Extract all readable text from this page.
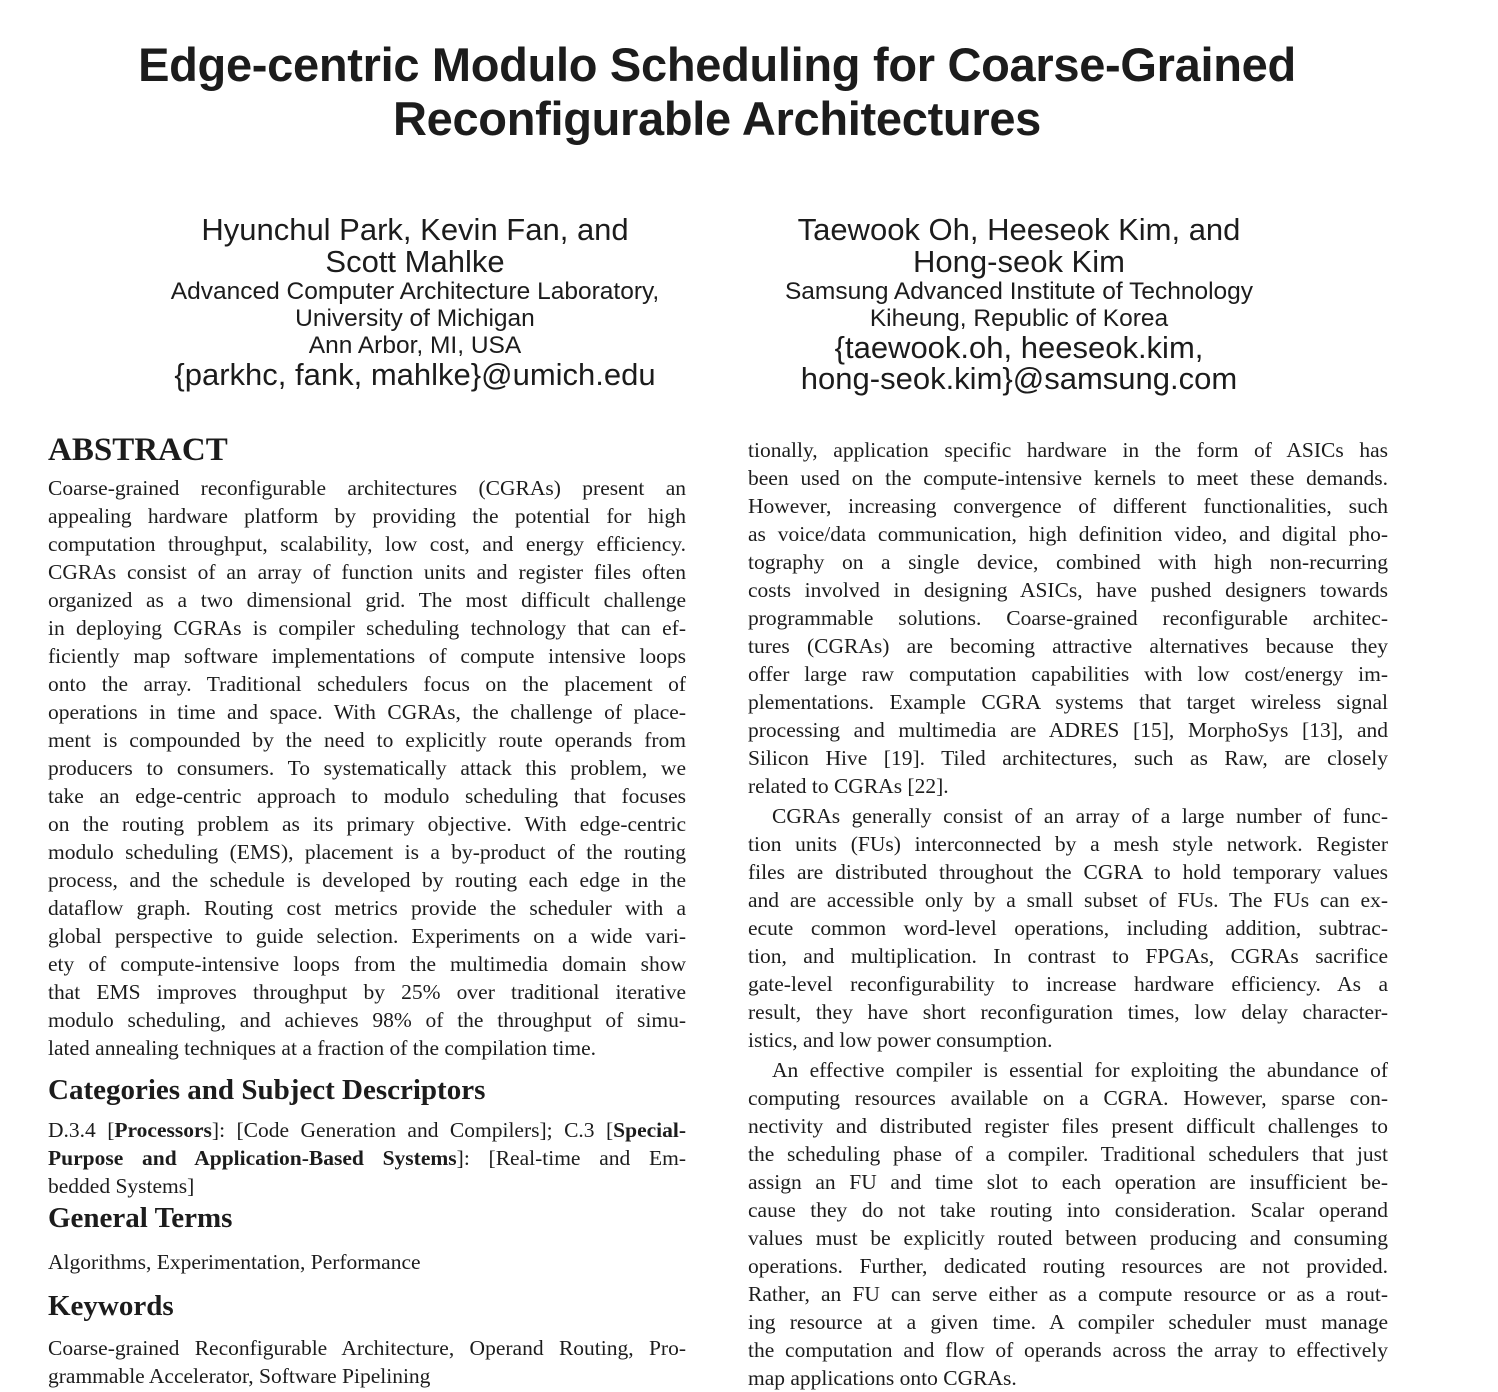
Edge-centric Modulo Scheduling for Coarse-Grained
Reconfigurable Architectures
Hyunchul Park, Kevin Fan, and
Scott Mahlke
Advanced Computer Architecture Laboratory,
University of Michigan
Ann Arbor, MI, USA
{parkhc, fank, mahlke}@umich.edu
Taewook Oh, Heeseok Kim, and
Hong-seok Kim
Samsung Advanced Institute of Technology
Kiheung, Republic of Korea
{taewook.oh, heeseok.kim,
hong-seok.kim}@samsung.com
ABSTRACT
Coarse-grained reconfigurable architectures (CGRAs) present an
appealing hardware platform by providing the potential for high
computation throughput, scalability, low cost, and energy efficiency.
CGRAs consist of an array of function units and register files often
organized as a two dimensional grid. The most difficult challenge
in deploying CGRAs is compiler scheduling technology that can ef-
ficiently map software implementations of compute intensive loops
onto the array. Traditional schedulers focus on the placement of
operations in time and space. With CGRAs, the challenge of place-
ment is compounded by the need to explicitly route operands from
producers to consumers. To systematically attack this problem, we
take an edge-centric approach to modulo scheduling that focuses
on the routing problem as its primary objective. With edge-centric
modulo scheduling (EMS), placement is a by-product of the routing
process, and the schedule is developed by routing each edge in the
dataflow graph. Routing cost metrics provide the scheduler with a
global perspective to guide selection. Experiments on a wide vari-
ety of compute-intensive loops from the multimedia domain show
that EMS improves throughput by 25% over traditional iterative
modulo scheduling, and achieves 98% of the throughput of simu-
lated annealing techniques at a fraction of the compilation time.
Categories and Subject Descriptors
D.3.4 [Processors]: [Code Generation and Compilers]; C.3 [Special-
Purpose and Application-Based Systems]: [Real-time and Em-
bedded Systems]
General Terms
Algorithms, Experimentation, Performance
Keywords
Coarse-grained Reconfigurable Architecture, Operand Routing, Pro-
grammable Accelerator, Software Pipelining
tionally, application specific hardware in the form of ASICs has
been used on the compute-intensive kernels to meet these demands.
However, increasing convergence of different functionalities, such
as voice/data communication, high definition video, and digital pho-
tography on a single device, combined with high non-recurring
costs involved in designing ASICs, have pushed designers towards
programmable solutions. Coarse-grained reconfigurable architec-
tures (CGRAs) are becoming attractive alternatives because they
offer large raw computation capabilities with low cost/energy im-
plementations. Example CGRA systems that target wireless signal
processing and multimedia are ADRES [15], MorphoSys [13], and
Silicon Hive [19]. Tiled architectures, such as Raw, are closely
related to CGRAs [22].
CGRAs generally consist of an array of a large number of func-
tion units (FUs) interconnected by a mesh style network. Register
files are distributed throughout the CGRA to hold temporary values
and are accessible only by a small subset of FUs. The FUs can ex-
ecute common word-level operations, including addition, subtrac-
tion, and multiplication. In contrast to FPGAs, CGRAs sacrifice
gate-level reconfigurability to increase hardware efficiency. As a
result, they have short reconfiguration times, low delay character-
istics, and low power consumption.
An effective compiler is essential for exploiting the abundance of
computing resources available on a CGRA. However, sparse con-
nectivity and distributed register files present difficult challenges to
the scheduling phase of a compiler. Traditional schedulers that just
assign an FU and time slot to each operation are insufficient be-
cause they do not take routing into consideration. Scalar operand
values must be explicitly routed between producing and consuming
operations. Further, dedicated routing resources are not provided.
Rather, an FU can serve either as a compute resource or as a rout-
ing resource at a given time. A compiler scheduler must manage
the computation and flow of operands across the array to effectively
map applications onto CGRAs.
